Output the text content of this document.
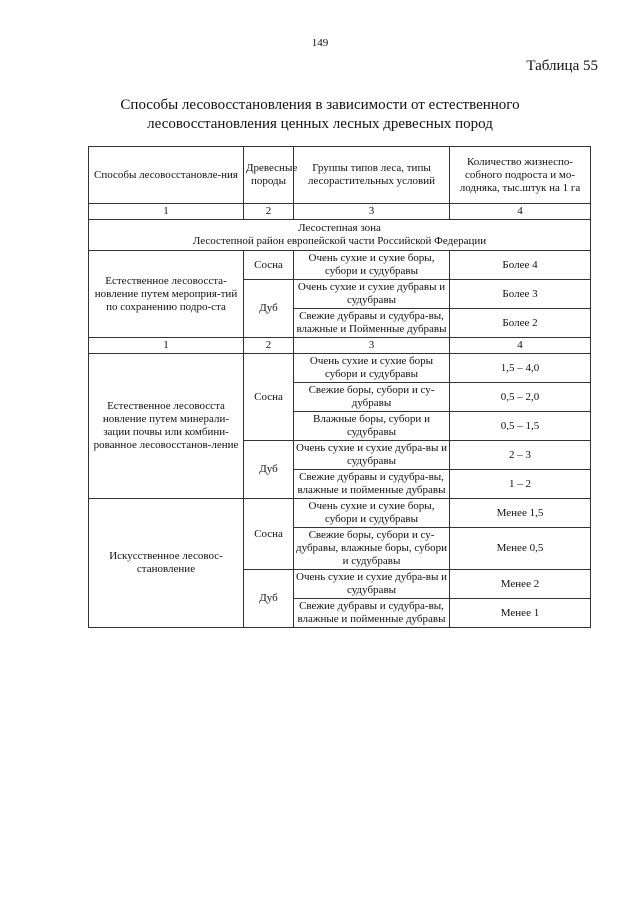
149
Таблица 55
Способы лесовосстановления в зависимости от естественного
лесовосстановления ценных лесных древесных пород
Способы лесовосстановле-ния	Древесные породы	Группы типов леса, типы лесорастительных условий	Количество жизнеспо-собного подроста и мо-лодняка, тыс.штук на 1 га
1	2	3	4

Лесостепная зона
Лесостепной район европейской части Российской Федерации			

Естественное лесовосста-новление путем мероприя-тий по сохранению подро-ста	Сосна	Очень сухие и сухие боры, субори и судубравы	Более 4
	Дуб	Очень сухие и сухие дубравы и судубравы	Более 3
		Свежие дубравы и судубра-вы, влажные и Пойменные дубравы	Более 2
1	2	3	4
Естественное лесовосста новление путем минерали-зации почвы или комбини-рованное лесовосстанов-ление	Сосна	Очень сухие и сухие боры субори и судубравы	1,5 – 4,0
		Свежие боры, субори и су-дубравы	0,5 – 2,0
		Влажные боры, субори и судубравы	0,5 – 1,5
	Дуб	Очень сухие и сухие дубра-вы и судубравы	2 – 3
		Свежие дубравы и судубра-вы, влажные и пойменные дубравы	1 – 2
Искусственное лесовос-становление	Сосна	Очень сухие и сухие боры, субори и судубравы	Менее 1,5
		Свежие боры, субори и су-дубравы, влажные боры, субори и судубравы	Менее 0,5
	Дуб	Очень сухие и сухие дубра-вы и судубравы	Менее 2
		Свежие дубравы и судубра-вы, влажные и пойменные дубравы	Менее 1
